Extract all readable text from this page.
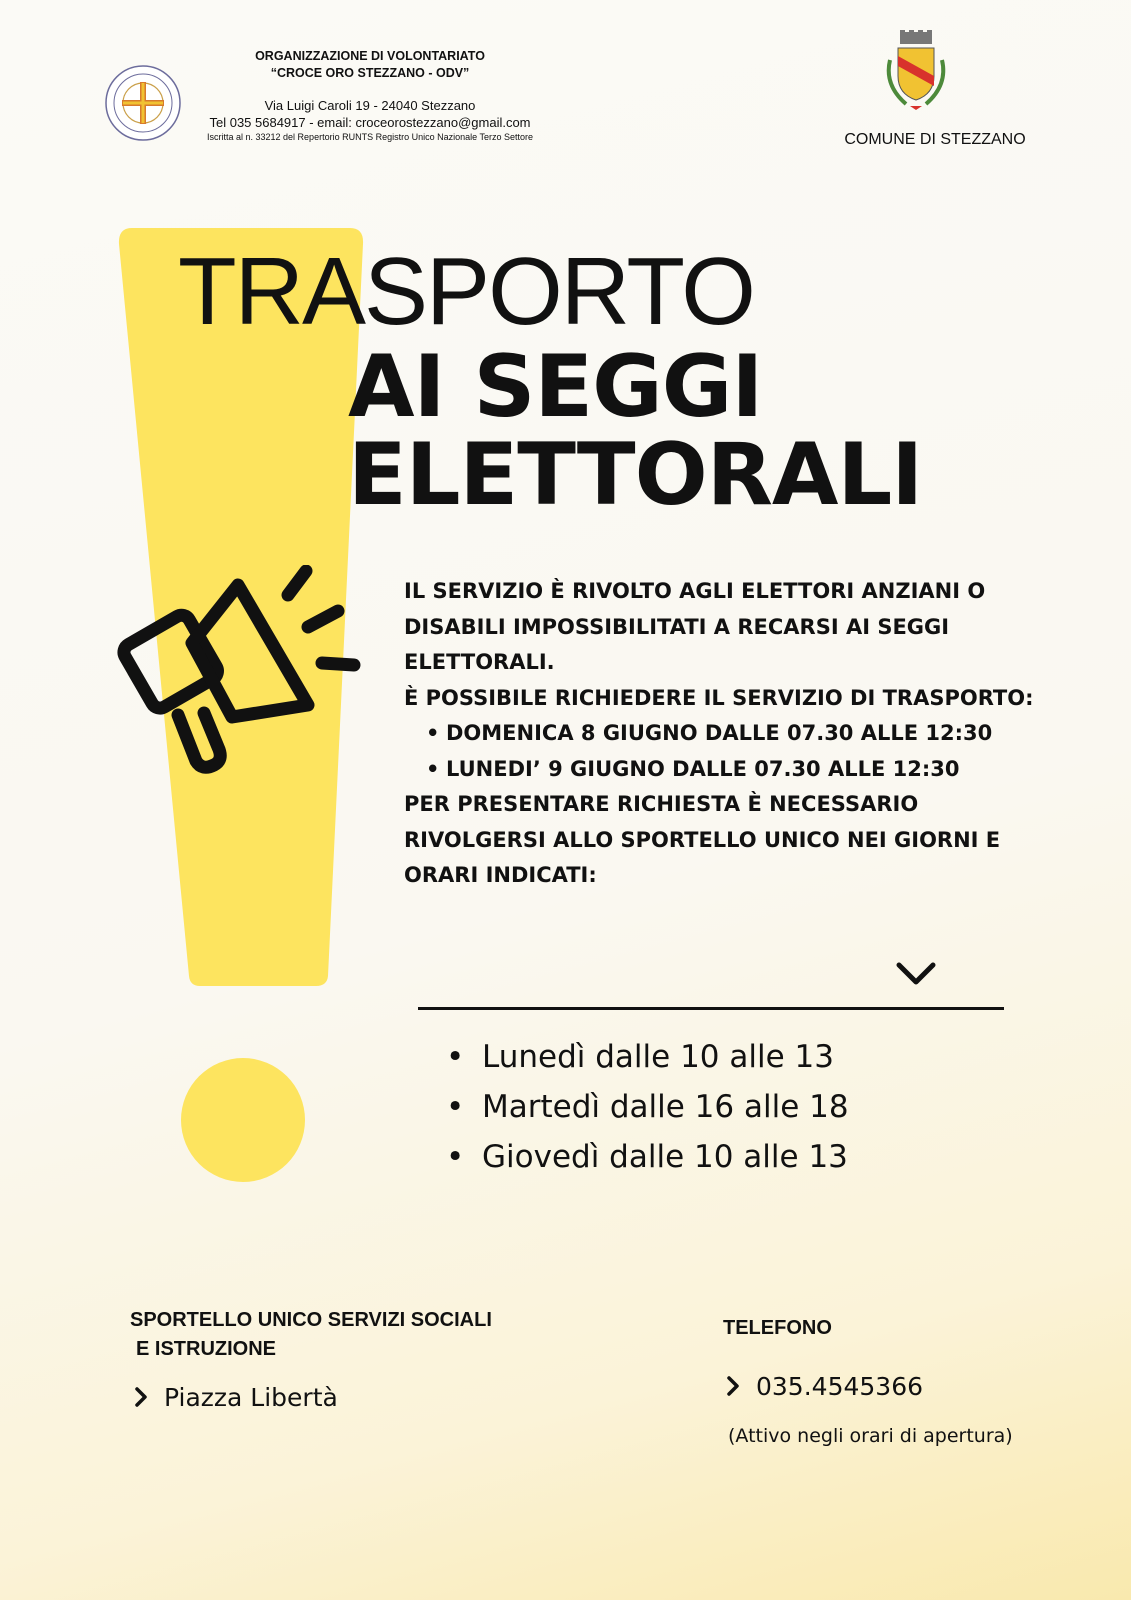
ORGANIZZAZIONE DI VOLONTARIATO
“CROCE ORO STEZZANO - ODV”
Via Luigi Caroli 19 - 24040 Stezzano
Tel 035 5684917 - email: croceorostezzano@gmail.com
Iscritta al n. 33212 del Repertorio RUNTS Registro Unico Nazionale Terzo Settore	COMUNE DI STEZZANO
TRASPORTO
AI SEGGI
ELETTORALI

IL SERVIZIO È RIVOLTO AGLI ELETTORI ANZIANI O DISABILI IMPOSSIBILITATI A RECARSI AI SEGGI ELETTORALI.

È POSSIBILE RICHIEDERE IL SERVIZIO DI TRASPORTO:

• DOMENICA 8 GIUGNO DALLE 07.30 ALLE 12:30
• LUNEDI’ 9 GIUGNO DALLE 07.30 ALLE 12:30

PER PRESENTARE RICHIESTA È NECESSARIO RIVOLGERSI ALLO SPORTELLO UNICO NEI GIORNI E ORARI INDICATI:

• Lunedì dalle 10 alle 13
• Martedì dalle 16 alle 18
• Giovedì dalle 10 alle 13
SPORTELLO UNICO SERVIZI SOCIALI
E ISTRUZIONE
Piazza Libertà
TELEFONO
035.4545366
(Attivo negli orari di apertura)
